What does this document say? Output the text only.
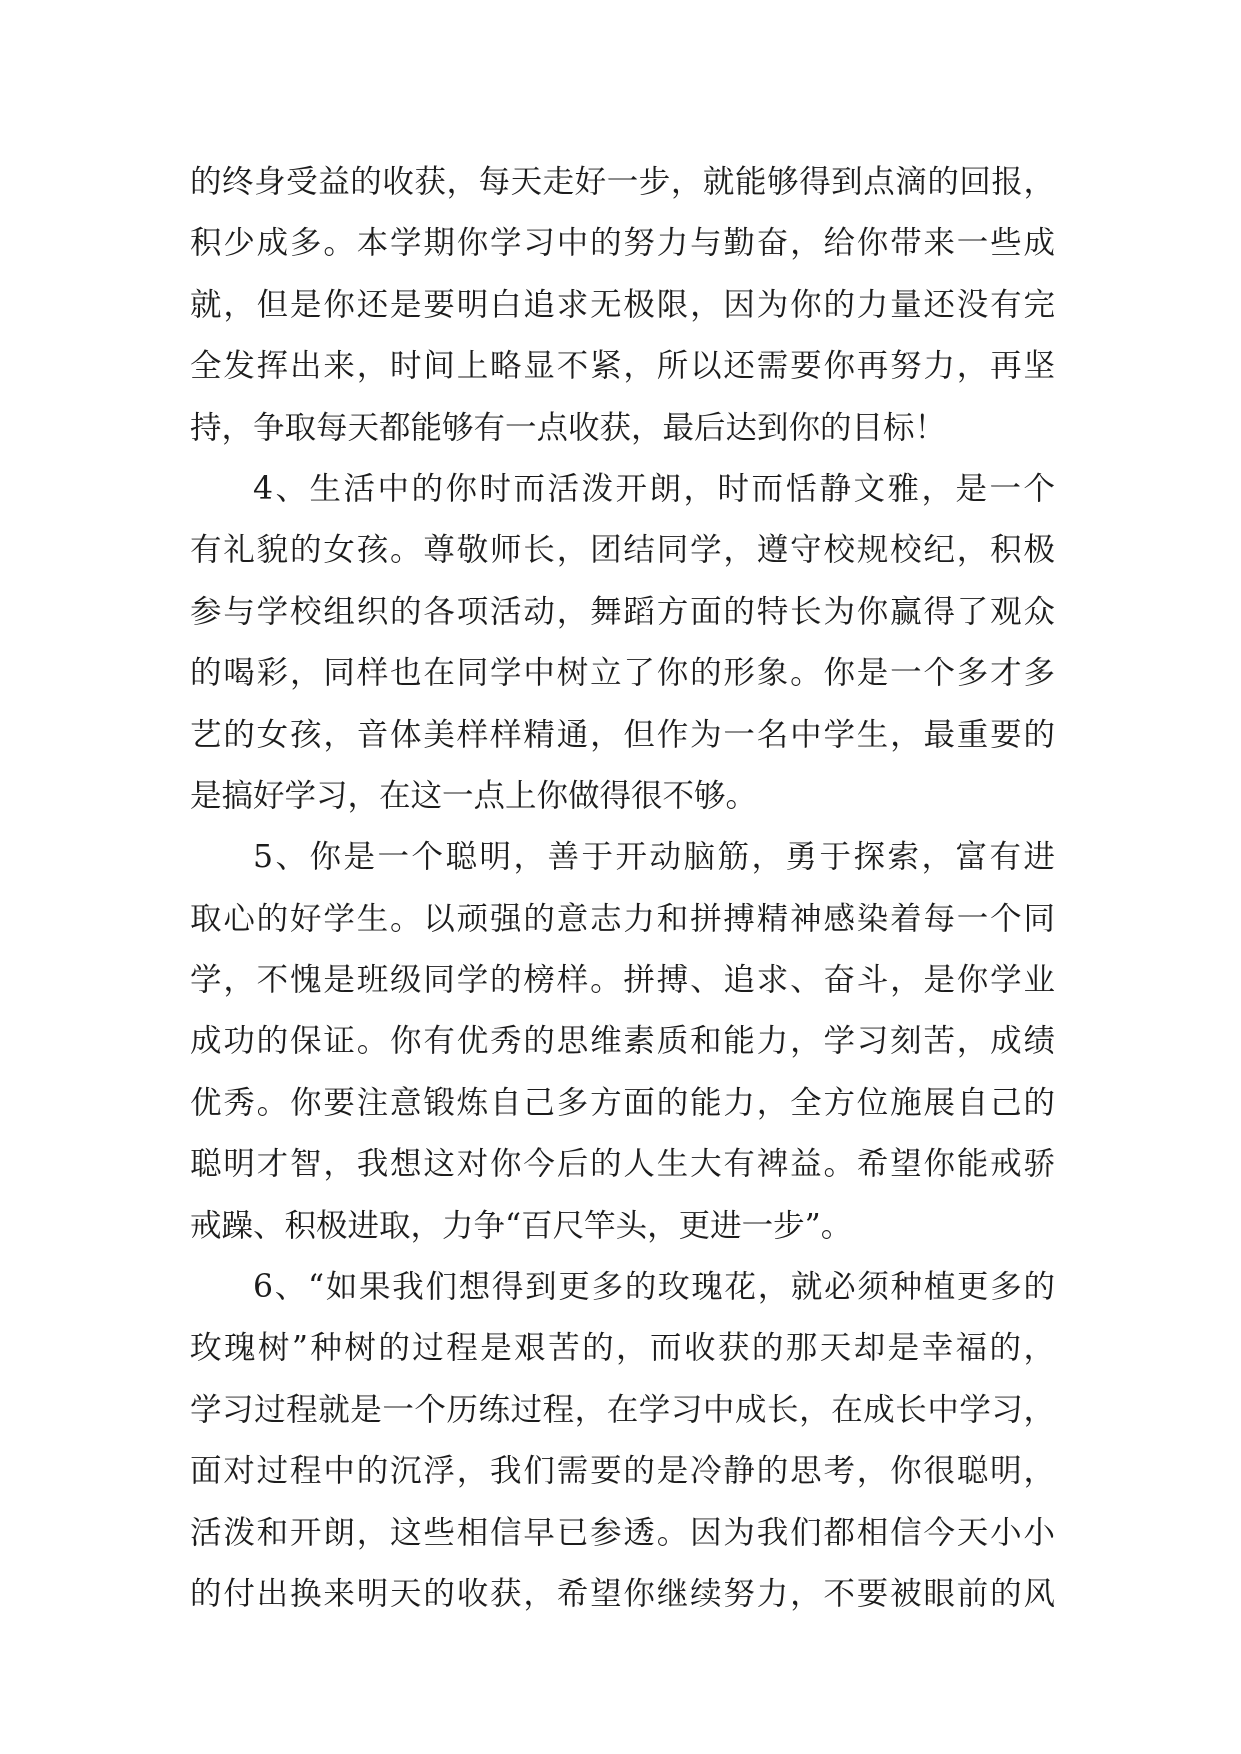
的终身受益的收获，每天走好一步，就能够得到点滴的回报，
积少成多。本学期你学习中的努力与勤奋，给你带来一些成
就，但是你还是要明白追求无极限，因为你的力量还没有完
全发挥出来，时间上略显不紧，所以还需要你再努力，再坚
持，争取每天都能够有一点收获，最后达到你的目标！
4、生活中的你时而活泼开朗，时而恬静文雅，是一个
有礼貌的女孩。尊敬师长，团结同学，遵守校规校纪，积极
参与学校组织的各项活动，舞蹈方面的特长为你赢得了观众
的喝彩，同样也在同学中树立了你的形象。你是一个多才多
艺的女孩，音体美样样精通，但作为一名中学生，最重要的
是搞好学习，在这一点上你做得很不够。
5、你是一个聪明，善于开动脑筋，勇于探索，富有进
取心的好学生。以顽强的意志力和拼搏精神感染着每一个同
学，不愧是班级同学的榜样。拼搏、追求、奋斗，是你学业
成功的保证。你有优秀的思维素质和能力，学习刻苦，成绩
优秀。你要注意锻炼自己多方面的能力，全方位施展自己的
聪明才智，我想这对你今后的人生大有裨益。希望你能戒骄
戒躁、积极进取，力争“百尺竿头，更进一步”。
6、“如果我们想得到更多的玫瑰花，就必须种植更多的
玫瑰树”种树的过程是艰苦的，而收获的那天却是幸福的，
学习过程就是一个历练过程，在学习中成长，在成长中学习，
面对过程中的沉浮，我们需要的是冷静的思考，你很聪明，
活泼和开朗，这些相信早已参透。因为我们都相信今天小小
的付出换来明天的收获，希望你继续努力，不要被眼前的风
